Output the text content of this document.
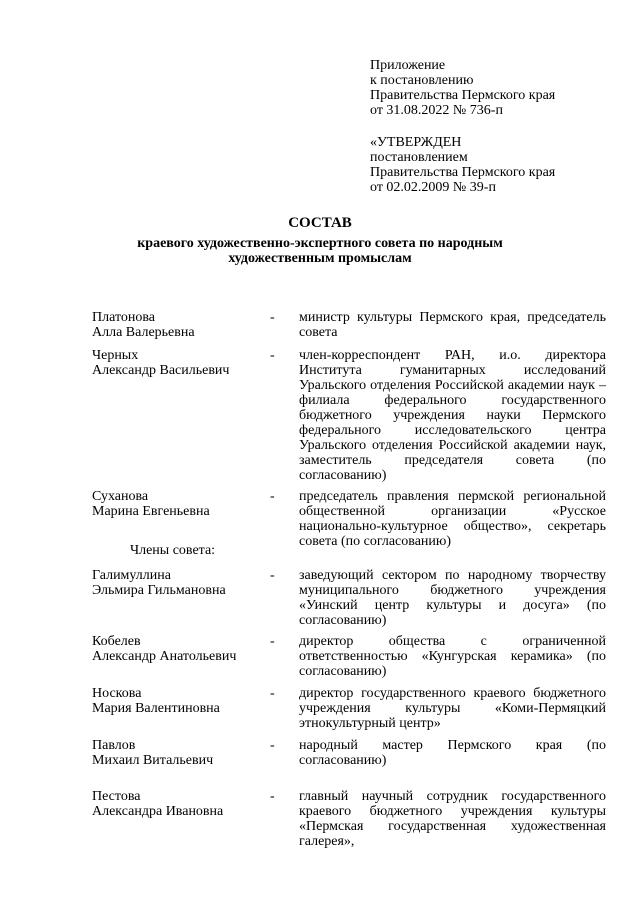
Приложение
к постановлению
Правительства Пермского края
от 31.08.2022 № 736-п
«УТВЕРЖДЕН
постановлением
Правительства Пермского края
от 02.02.2009 № 39-п
СОСТАВ
краевого художественно-экспертного совета по народным
художественным промыслам
Платонова
Алла Валерьевна
- министр культуры Пермского края, председатель совета
Черных
Александр Васильевич
- член-корреспондент РАН, и.о. директора Института гуманитарных исследований Уральского отделения Российской академии наук – филиала федерального государственного бюджетного учреждения науки Пермского федерального исследовательского центра Уральского отделения Российской академии наук, заместитель председателя совета (по согласованию)
Суханова
Марина Евгеньевна
- председатель правления пермской региональной общественной организации «Русское национально-культурное общество», секретарь совета (по согласованию)
Члены совета:
Галимуллина
Эльмира Гильмановна
- заведующий сектором по народному творчеству муниципального бюджетного учреждения «Уинский центр культуры и досуга» (по согласованию)
Кобелев
Александр Анатольевич
- директор общества с ограниченной ответственностью «Кунгурская керамика» (по согласованию)
Носкова
Мария Валентиновна
- директор государственного краевого бюджетного учреждения культуры «Коми-Пермяцкий этнокультурный центр»
Павлов
Михаил Витальевич
- народный мастер Пермского края (по согласованию)
Пестова
Александра Ивановна
- главный научный сотрудник государственного краевого бюджетного учреждения культуры «Пермская государственная художественная галерея»,
